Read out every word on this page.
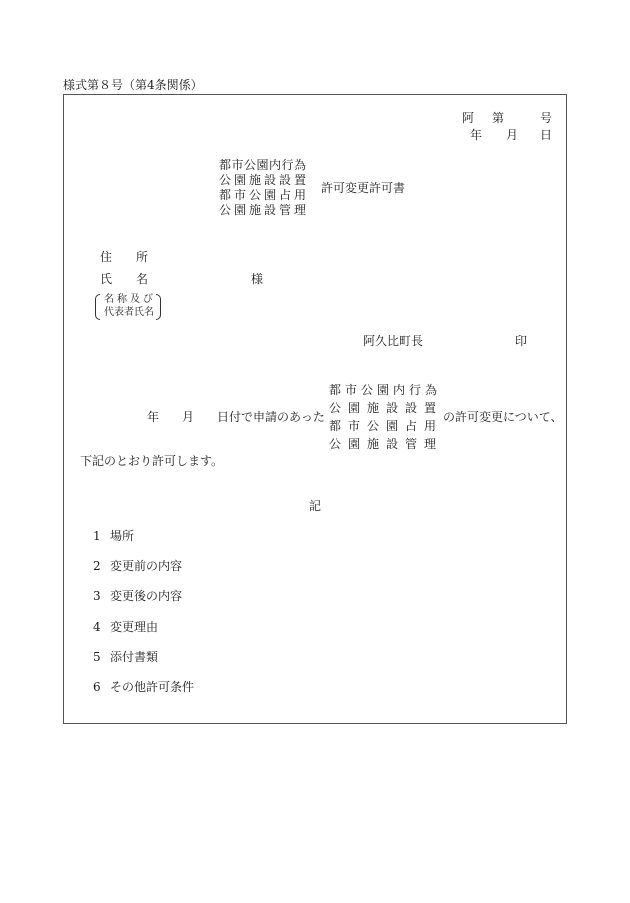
様式第８号（第4条関係）
阿 第	号
年 月 日
都市公園内行為
公園施設設置
都市公園占用
公園施設管理
許可変更許可書
住　　所
氏　　名	様
名称及び
代表者氏名
阿久比町長	印
年 月 日付で申請のあった
都市公園内行為
公園施設設置
都市公園占用
公園施設管理
の許可変更について、
下記のとおり許可します。
記
1 場所
2 変更前の内容
3 変更後の内容
4 変更理由
5 添付書類
6 その他許可条件
